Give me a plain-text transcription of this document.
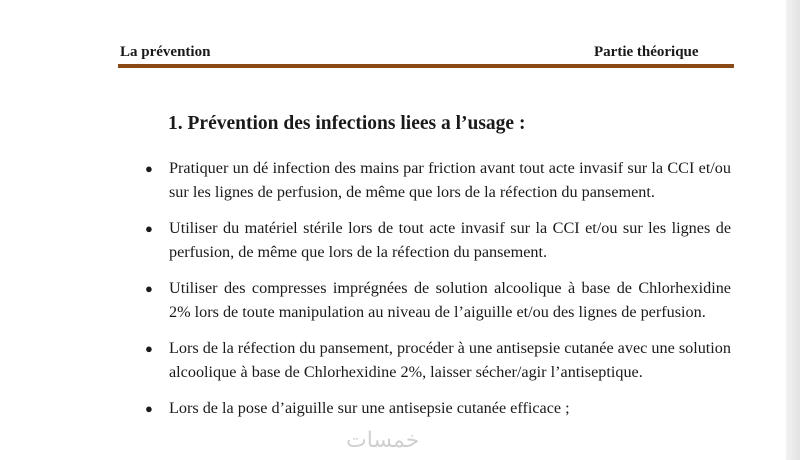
La prévention	Partie théorique
1. Prévention des infections liees a l’usage :
● Pratiquer un dé infection des mains par friction avant tout acte invasif sur la CCI et/ou sur les lignes de perfusion, de même que lors de la réfection du pansement.
● Utiliser du matériel stérile lors de tout acte invasif sur la CCI et/ou sur les lignes de perfusion, de même que lors de la réfection du pansement.
● Utiliser des compresses imprégnées de solution alcoolique à base de Chlorhexidine 2% lors de toute manipulation au niveau de l’aiguille et/ou des lignes de perfusion.
● Lors de la réfection du pansement, procéder à une antisepsie cutanée avec une solution alcoolique à base de Chlorhexidine 2%, laisser sécher/agir l’antiseptique.
● Lors de la pose d’aiguille sur une antisepsie cutanée efficace ;
خمسات
